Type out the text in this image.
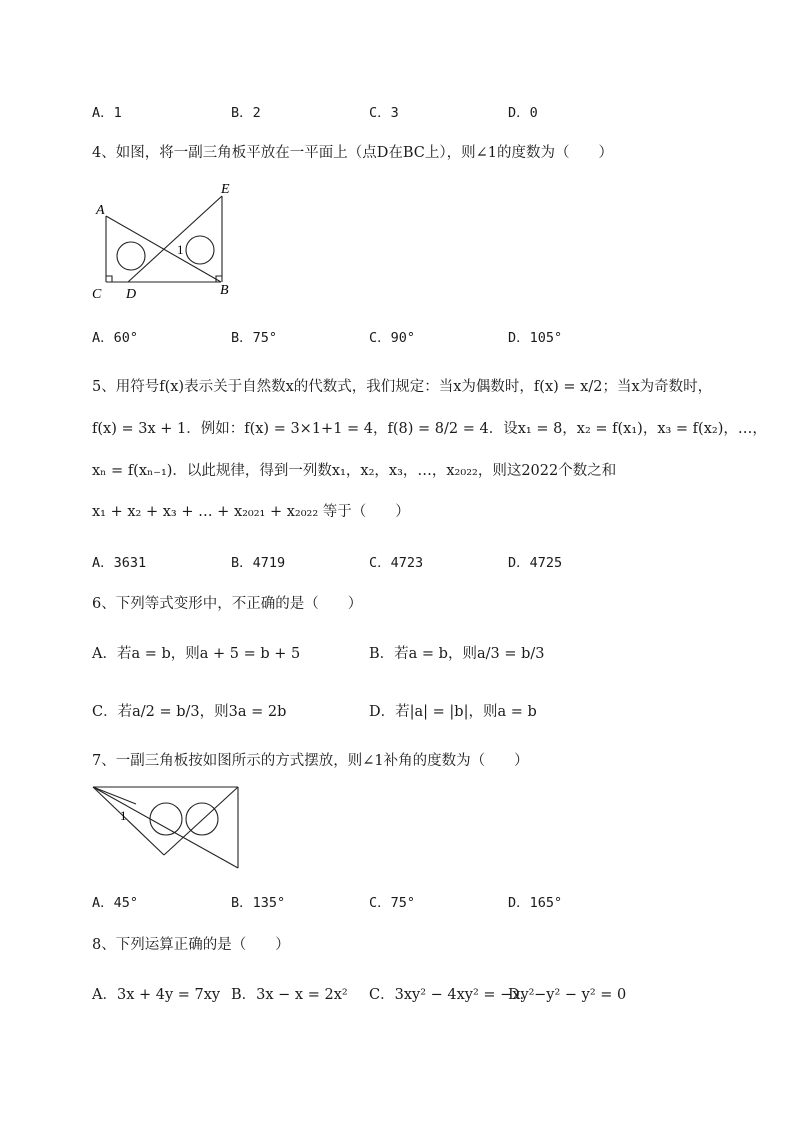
A．1	B．2	C．3	D．0
4、如图，将一副三角板平放在一平面上（点D在BC上），则∠1的度数为（　　）
A
E
1
C D	B
A．60°	B．75°	C．90°	D．105°
5、用符号f(x)表示关于自然数x的代数式，我们规定：当x为偶数时，f(x) = x/2；当x为奇数时，
f(x) = 3x + 1．例如：f(x) = 3×1+1 = 4，f(8) = 8/2 = 4．设x₁ = 8，x₂ = f(x₁)，x₃ = f(x₂)，…，
xₙ = f(xₙ₋₁)．以此规律，得到一列数x₁，x₂，x₃，…，x₂₀₂₂，则这2022个数之和
x₁ + x₂ + x₃ + … + x₂₀₂₁ + x₂₀₂₂ 等于（　　）
A．3631	B．4719	C．4723	D．4725
6、下列等式变形中，不正确的是（　　）
A．若a = b，则a + 5 = b + 5	B．若a = b，则a/3 = b/3
C．若a/2 = b/3，则3a = 2b	D．若|a| = |b|，则a = b
7、一副三角板按如图所示的方式摆放，则∠1补角的度数为（　　）
1
A．45°	B．135°	C．75°	D．165°
8、下列运算正确的是（　　）
A．3x + 4y = 7xy B．3x − x = 2x² C．3xy² − 4xy² = −xy²
D．−y² − y² = 0
